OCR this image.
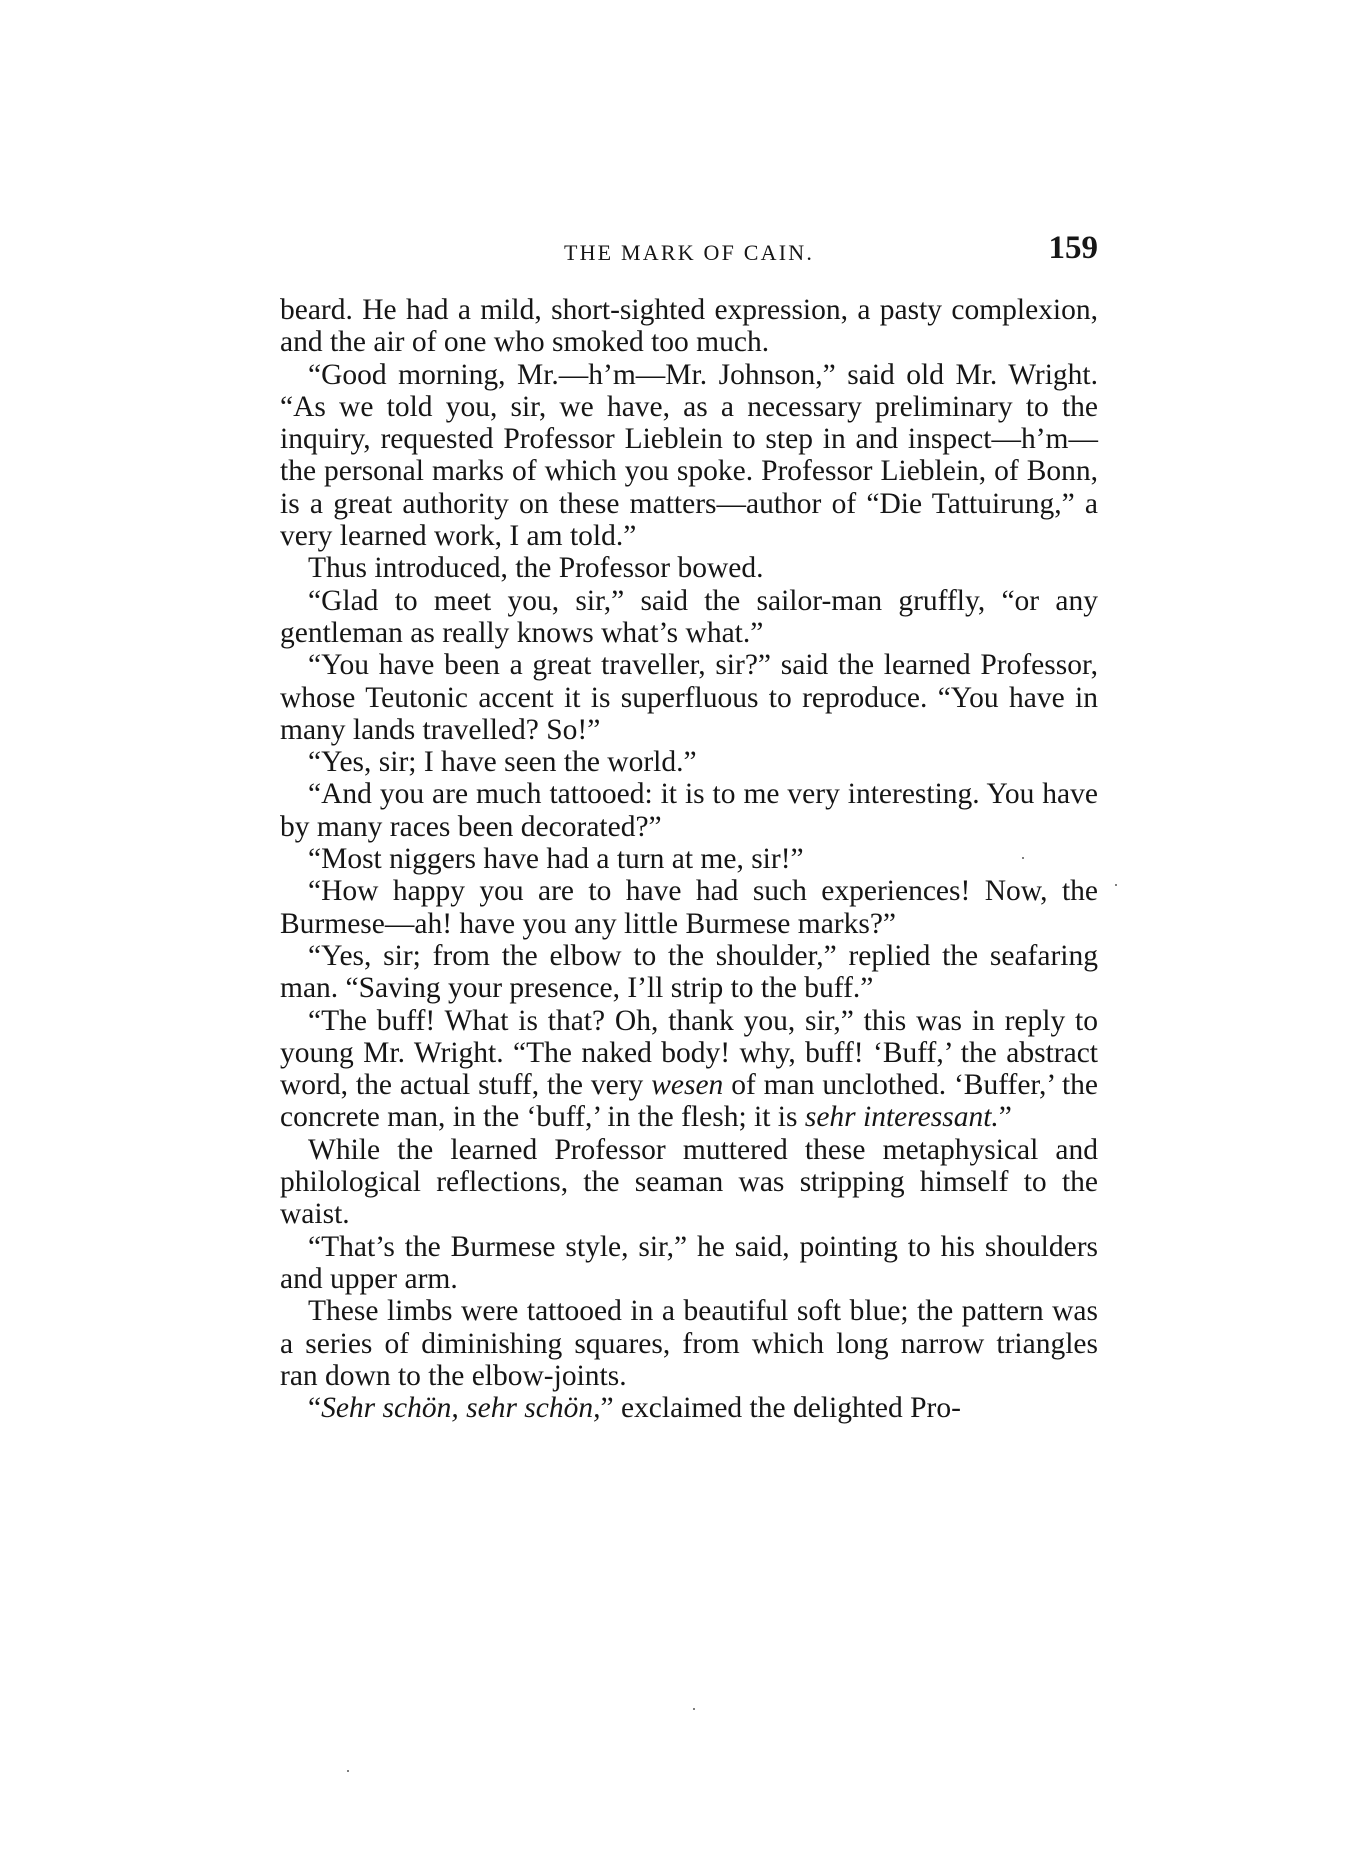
THE MARK OF CAIN.	159

beard. He had a mild, short-sighted expression, a pasty complexion, and the air of one who smoked too much.

“Good morning, Mr.—h’m—Mr. Johnson,” said old Mr. Wright. “As we told you, sir, we have, as a necessary preliminary to the inquiry, requested Professor Lieblein to step in and inspect—h’m—the personal marks of which you spoke. Professor Lieblein, of Bonn, is a great authority on these matters—author of “Die Tattuirung,” a very learned work, I am told.”

Thus introduced, the Professor bowed.

“Glad to meet you, sir,” said the sailor-man gruffly, “or any gentleman as really knows what’s what.”

“You have been a great traveller, sir?” said the learned Professor, whose Teutonic accent it is superfluous to reproduce. “You have in many lands travelled? So!”

“Yes, sir; I have seen the world.”

“And you are much tattooed: it is to me very interesting. You have by many races been decorated?”

“Most niggers have had a turn at me, sir!”

“How happy you are to have had such experiences! Now, the Burmese—ah! have you any little Burmese marks?”

“Yes, sir; from the elbow to the shoulder,” replied the seafaring man. “Saving your presence, I’ll strip to the buff.”

“The buff! What is that? Oh, thank you, sir,” this was in reply to young Mr. Wright. “The naked body! why, buff! ‘Buff,’ the abstract word, the actual stuff, the very wesen of man unclothed. ‘Buffer,’ the concrete man, in the ‘buff,’ in the flesh; it is sehr interessant.”

While the learned Professor muttered these metaphysical and philological reflections, the seaman was stripping himself to the waist.

“That’s the Burmese style, sir,” he said, pointing to his shoulders and upper arm.

These limbs were tattooed in a beautiful soft blue; the pattern was a series of diminishing squares, from which long narrow triangles ran down to the elbow-joints.

“Sehr schön, sehr schön,” exclaimed the delighted Pro-
